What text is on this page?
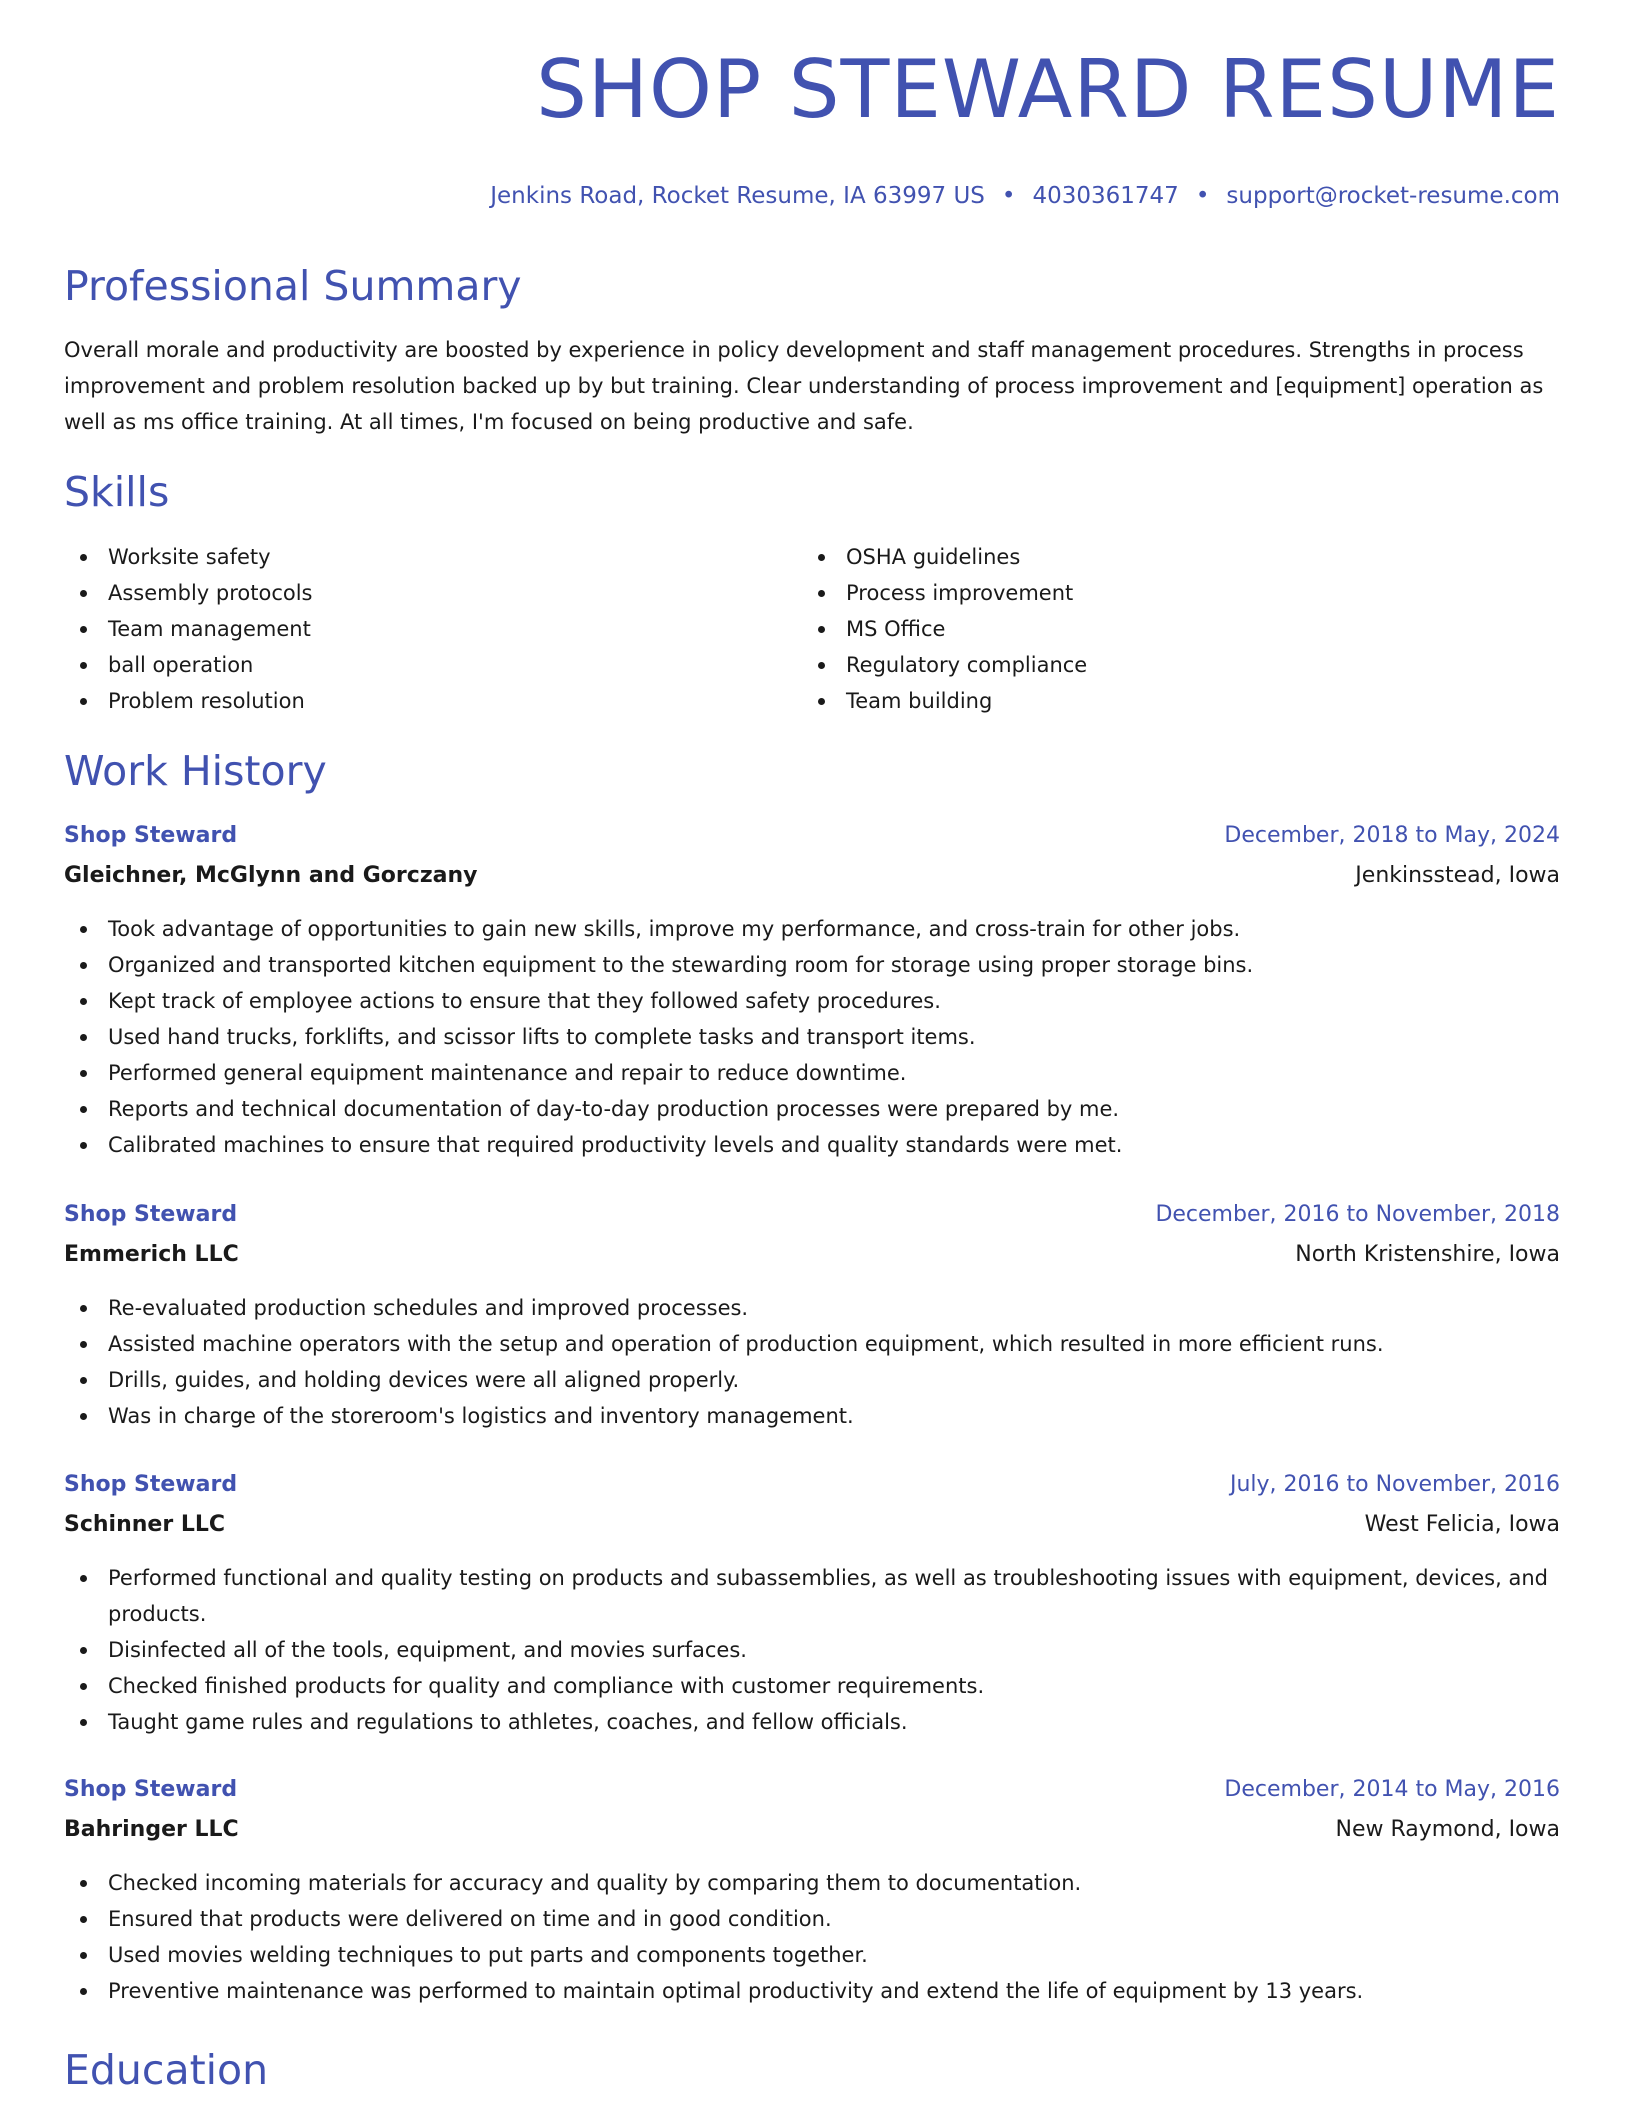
SHOP STEWARD RESUME
Jenkins Road, Rocket Resume, IA 63997 US • 4030361747 • support@rocket-resume.com
Professional Summary

Overall morale and productivity are boosted by experience in policy development and staff management procedures. Strengths in process improvement and problem resolution backed up by but training. Clear understanding of process improvement and [equipment] operation as well as ms office training. At all times, I'm focused on being productive and safe.

Skills
Worksite safety
Assembly protocols
Team management
ball operation
Problem resolution
OSHA guidelines
Process improvement
MS Office
Regulatory compliance
Team building
Work History
Shop Steward	December, 2018 to May, 2024
Gleichner, McGlynn and Gorczany	Jenkinsstead, Iowa
Took advantage of opportunities to gain new skills, improve my performance, and cross-train for other jobs.
Organized and transported kitchen equipment to the stewarding room for storage using proper storage bins.
Kept track of employee actions to ensure that they followed safety procedures.
Used hand trucks, forklifts, and scissor lifts to complete tasks and transport items.
Performed general equipment maintenance and repair to reduce downtime.
Reports and technical documentation of day-to-day production processes were prepared by me.
Calibrated machines to ensure that required productivity levels and quality standards were met.
Shop Steward	December, 2016 to November, 2018
Emmerich LLC	North Kristenshire, Iowa
Re-evaluated production schedules and improved processes.
Assisted machine operators with the setup and operation of production equipment, which resulted in more efficient runs.
Drills, guides, and holding devices were all aligned properly.
Was in charge of the storeroom's logistics and inventory management.
Shop Steward	July, 2016 to November, 2016
Schinner LLC	West Felicia, Iowa
Performed functional and quality testing on products and subassemblies, as well as troubleshooting issues with equipment, devices, and products.
Disinfected all of the tools, equipment, and movies surfaces.
Checked finished products for quality and compliance with customer requirements.
Taught game rules and regulations to athletes, coaches, and fellow officials.
Shop Steward	December, 2014 to May, 2016
Bahringer LLC	New Raymond, Iowa
Checked incoming materials for accuracy and quality by comparing them to documentation.
Ensured that products were delivered on time and in good condition.
Used movies welding techniques to put parts and components together.
Preventive maintenance was performed to maintain optimal productivity and extend the life of equipment by 13 years.
Education
